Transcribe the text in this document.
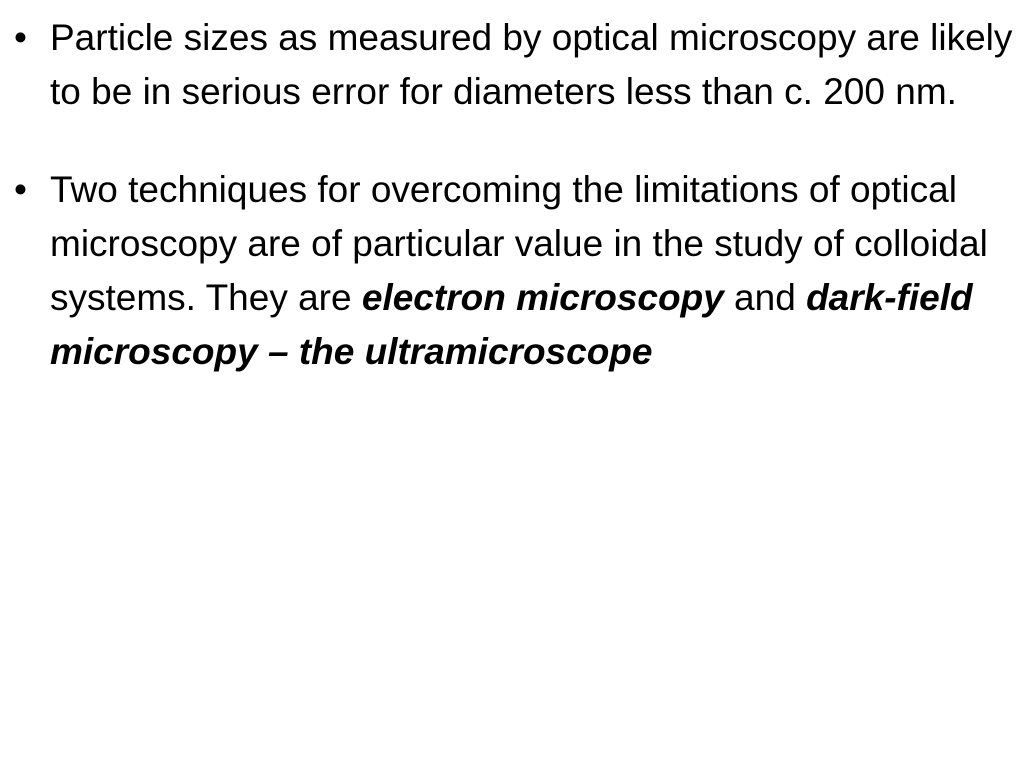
• Particle sizes as measured by optical microscopy are likely to be in serious error for diameters less than c. 200 nm.
• Two techniques for overcoming the limitations of optical microscopy are of particular value in the study of colloidal systems. They are electron microscopy and dark-field microscopy – the ultramicroscope
